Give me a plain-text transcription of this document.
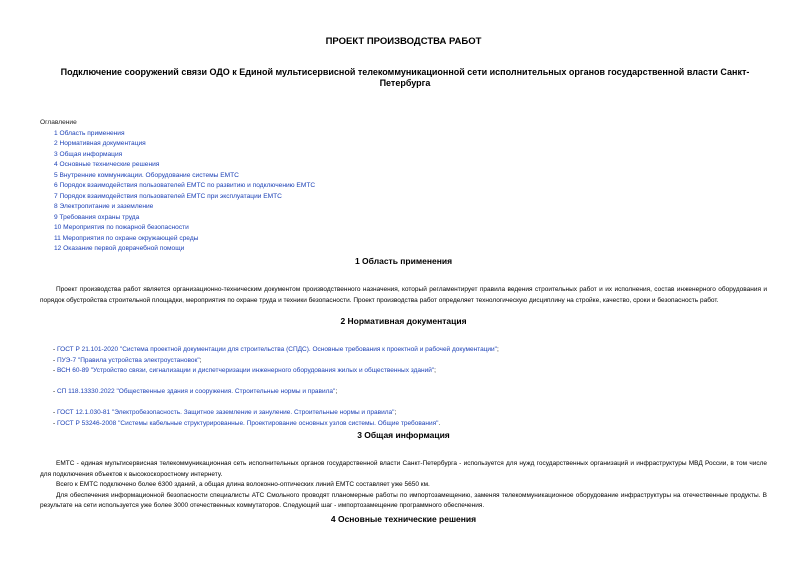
ПРОЕКТ ПРОИЗВОДСТВА РАБОТ
Подключение сооружений связи ОДО к Единой мультисервисной телекоммуникационной сети исполнительных органов государственной власти Санкт-Петербурга
Оглавление
1 Область применения
2 Нормативная документация
3 Общая информация
4 Основные технические решения
5 Внутренние коммуникации. Оборудование системы ЕМТС
6 Порядок взаимодействия пользователей ЕМТС по развитию и подключению ЕМТС
7 Порядок взаимодействия пользователей ЕМТС при эксплуатации ЕМТС
8 Электропитание и заземление
9 Требования охраны труда
10 Мероприятия по пожарной безопасности
11 Мероприятия по охране окружающей среды
12 Оказание первой доврачебной помощи
1 Область применения

Проект производства работ является организационно-техническим документом производственного назначения, который регламентирует правила ведения строительных работ и их исполнения, состав инженерного оборудования и порядок обустройства строительной площадки, мероприятия по охране труда и техники безопасности. Проект производства работ определяет технологическую дисциплину на стройке, качество, сроки и безопасность работ.

2 Нормативная документация
- ГОСТ Р 21.101-2020 "Система проектной документации для строительства (СПДС). Основные требования к проектной и рабочей документации";
- ПУЭ-7 "Правила устройства электроустановок";
- ВСН 60-89 "Устройство связи, сигнализации и диспетчеризации инженерного оборудования жилых и общественных зданий";
- СП 118.13330.2022 "Общественные здания и сооружения. Строительные нормы и правила";
- ГОСТ 12.1.030-81 "Электробезопасность. Защитное заземление и зануление. Строительные нормы и правила";
- ГОСТ Р 53246-2008 "Системы кабельные структурированные. Проектирование основных узлов системы. Общие требования".
3 Общая информация

ЕМТС - единая мультисервисная телекоммуникационная сеть исполнительных органов государственной власти Санкт-Петербурга - используется для нужд государственных организаций и инфраструктуры МВД России, в том числе для подключения объектов к высокоскоростному интернету.

Всего к ЕМТС подключено более 6300 зданий, а общая длина волоконно-оптических линий ЕМТС составляет уже 5650 км.

Для обеспечения информационной безопасности специалисты АТС Смольного проводят планомерные работы по импортозамещению, заменяя телекоммуникационное оборудование инфраструктуры на отечественные продукты. В результате на сети используется уже более 3000 отечественных коммутаторов. Следующий шаг - импортозамещение программного обеспечения.

4 Основные технические решения
